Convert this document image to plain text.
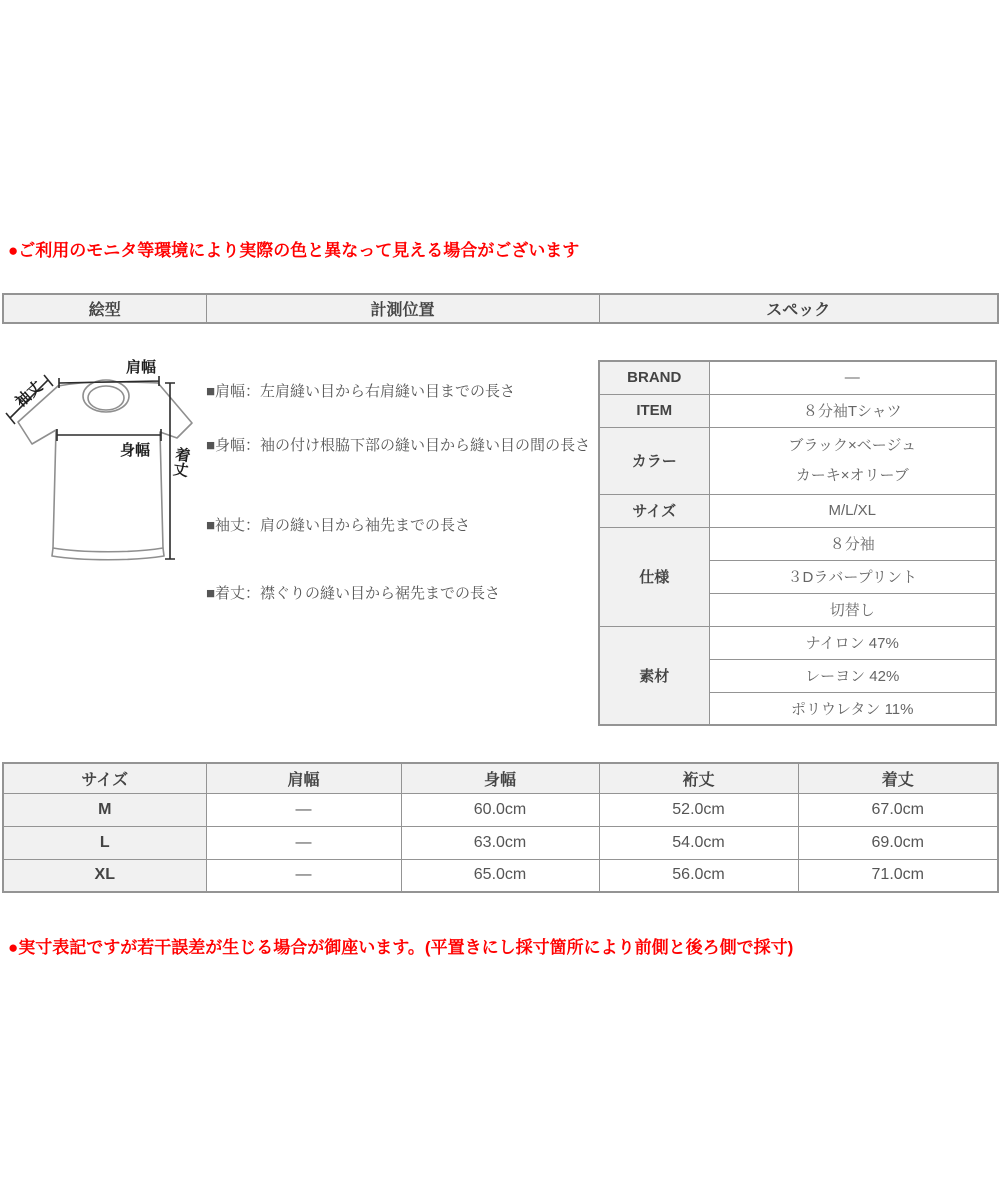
●ご利用のモニタ等環境により実際の色と異なって見える場合がございます
絵型	計測位置	スペック
肩幅
袖丈
身幅 着丈
■肩幅：左肩縫い目から右肩縫い目までの長さ
■身幅：袖の付け根脇下部の縫い目から縫い目の間の長さ
■袖丈：肩の縫い目から袖先までの長さ
■着丈：襟ぐりの縫い目から裾先までの長さ
BRAND	—
ITEM	８分袖Tシャツ
カラー	ブラック×ベージュ
カーキ×オリーブ

サイズ	M/L/XL
仕様	８分袖
	３Dラバープリント
	切替し
素材	ナイロン 47%
	レーヨン 42%
	ポリウレタン 11%
サイズ	肩幅	身幅	裄丈	着丈
M	—	60.0cm	52.0cm	67.0cm
L	—	63.0cm	54.0cm	69.0cm
XL	—	65.0cm	56.0cm	71.0cm
●実寸表記ですが若干誤差が生じる場合が御座います。(平置きにし採寸箇所により前側と後ろ側で採寸)
